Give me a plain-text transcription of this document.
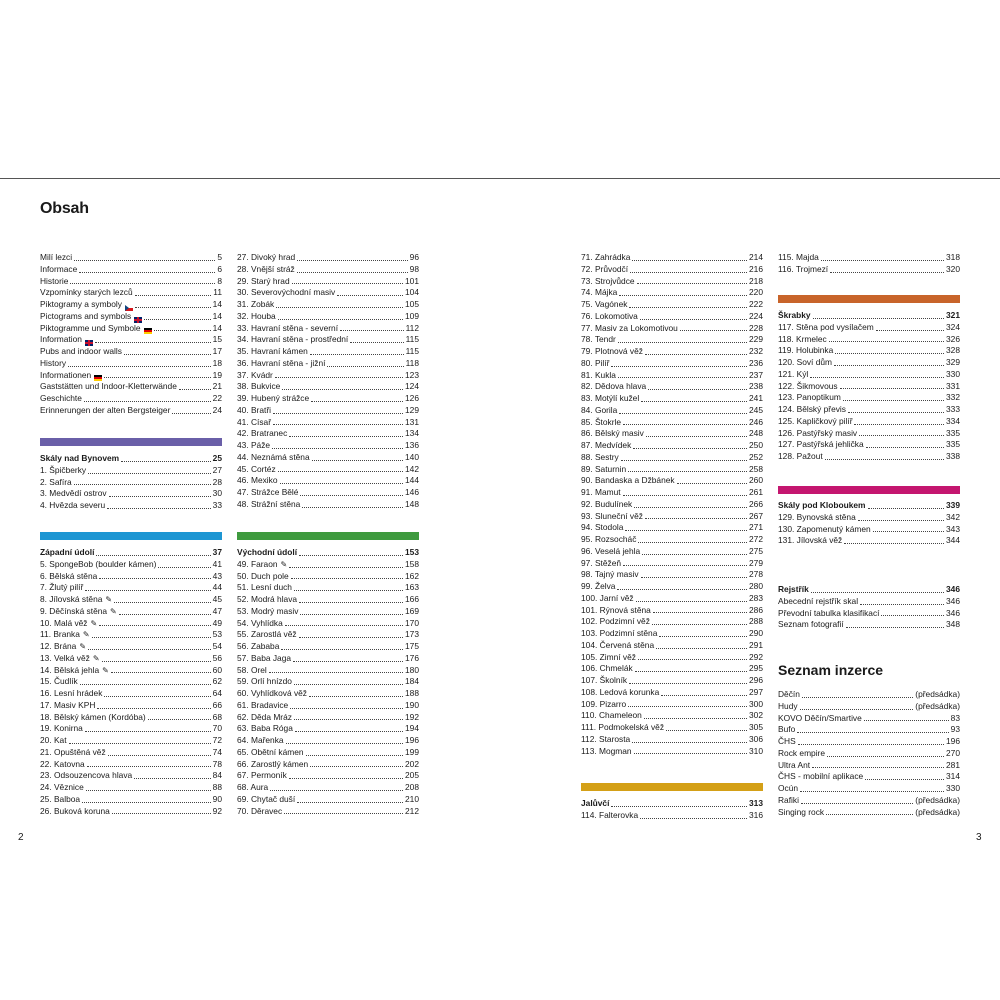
Obsah
Milí lezci	5
Informace	6
Historie	8
Vzpomínky starých lezců	11
Piktogramy a symboly	14
Pictograms and symbols	14
Piktogramme und Symbole	14
Information	15
Pubs and indoor walls	17
History	18
Informationen	19
Gaststätten und Indoor-Kletterwände	21
Geschichte	22
Erinnerungen der alten Bergsteiger	24
Skály nad Bynovem	25
1. Špičberky	27
2. Safíra	28
3. Medvědí ostrov	30
4. Hvězda severu	33
Západní údolí	37
5. SpongeBob (boulder kámen)	41
6. Bělská stěna	43
7. Žlutý pilíř	44
8. Jílovská stěna ✎	45
9. Děčínská stěna ✎	47
10. Malá věž ✎	49
11. Branka ✎	53
12. Brána ✎	54
13. Velká věž ✎	56
14. Bělská jehla ✎	60
15. Čudlík	62
16. Lesní hrádek	64
17. Masiv KPH	66
18. Bělský kámen (Kordóba)	68
19. Konirna	70
20. Kat	72
21. Opuštěná věž	74
22. Katovna	78
23. Odsouzencova hlava	84
24. Věznice	88
25. Balboa	90
26. Buková koruna	92
27. Divoký hrad	96
28. Vnější stráž	98
29. Starý hrad	101
30. Severovýchodní masiv	104
31. Zobák	105
32. Houba	109
33. Havraní stěna - severní	112
34. Havraní stěna - prostřední	115
35. Havraní kámen	115
36. Havraní stěna - jižní	118
37. Kvádr	123
38. Bukvice	124
39. Hubený strážce	126
40. Bratři	129
41. Císař	131
42. Bratranec	134
43. Páže	136
44. Neznámá stěna	140
45. Cortéz	142
46. Mexiko	144
47. Strážce Bělé	146
48. Strážní stěna	148
Východní údolí	153
49. Faraon ✎	158
50. Duch pole	162
51. Lesní duch	163
52. Modrá hlava	166
53. Modrý masiv	169
54. Vyhlídka	170
55. Zarostlá věž	173
56. Zababa	175
57. Baba Jaga	176
58. Orel	180
59. Orlí hnízdo	184
60. Vyhlídková věž	188
61. Bradavice	190
62. Děda Mráz	192
63. Baba Róga	194
64. Mařenka	196
65. Obětní kámen	199
66. Zarostlý kámen	202
67. Permoník	205
68. Aura	208
69. Chytač duší	210
70. Děravec	212
71. Zahrádka	214
72. Průvodčí	216
73. Strojvůdce	218
74. Májka	220
75. Vagónek	222
76. Lokomotiva	224
77. Masiv za Lokomotivou	228
78. Tendr	229
79. Plotnová věž	232
80. Pilíř	236
81. Kukla	237
82. Dědova hlava	238
83. Motýlí kužel	241
84. Gorila	245
85. Štokrle	246
86. Bělský masiv	248
87. Medvídek	250
88. Sestry	252
89. Saturnin	258
90. Bandaska a Džbánek	260
91. Mamut	261
92. Budulínek	266
93. Sluneční věž	267
94. Stodola	271
95. Rozsocháč	272
96. Veselá jehla	275
97. Stěžeň	279
98. Tajný masiv	278
99. Želva	280
100. Jarní věž	283
101. Rýnová stěna	286
102. Podzimní věž	288
103. Podzimní stěna	290
104. Červená stěna	291
105. Zimní věž	292
106. Chmelák	295
107. Školník	296
108. Ledová korunka	297
109. Pizarro	300
110. Chameleon	302
111. Podmokelská věž	305
112. Starosta	306
113. Mogman	310
Jalůvčí	313
114. Falterovka	316
115. Majda	318
116. Trojmezí	320
Škrabky	321
117. Stěna pod vysílačem	324
118. Krmelec	326
119. Holubinka	328
120. Soví dům	329
121. Kýl	330
122. Šikmovous	331
123. Panoptikum	332
124. Bělský převis	333
125. Kapličkový pilíř	334
126. Pastýřský masiv	335
127. Pastýřská jehlička	335
128. Pažout	338
Skály pod Kloboukem	339
129. Bynovská stěna	342
130. Zapomenutý kámen	343
131. Jílovská věž	344
Rejstřík	346
Abecední rejstřík skal	346
Převodní tabulka klasifikací	346
Seznam fotografií	348
Seznam inzerce
Děčín	(předsádka)
Hudy	(předsádka)
KOVO Děčín/Smartive	83
Bufo	93
ČHS	196
Rock empire	270
Ultra Ant	281
ČHS - mobilní aplikace	314
Ocún	330
Rafiki	(předsádka)
Singing rock	(předsádka)
2	3
